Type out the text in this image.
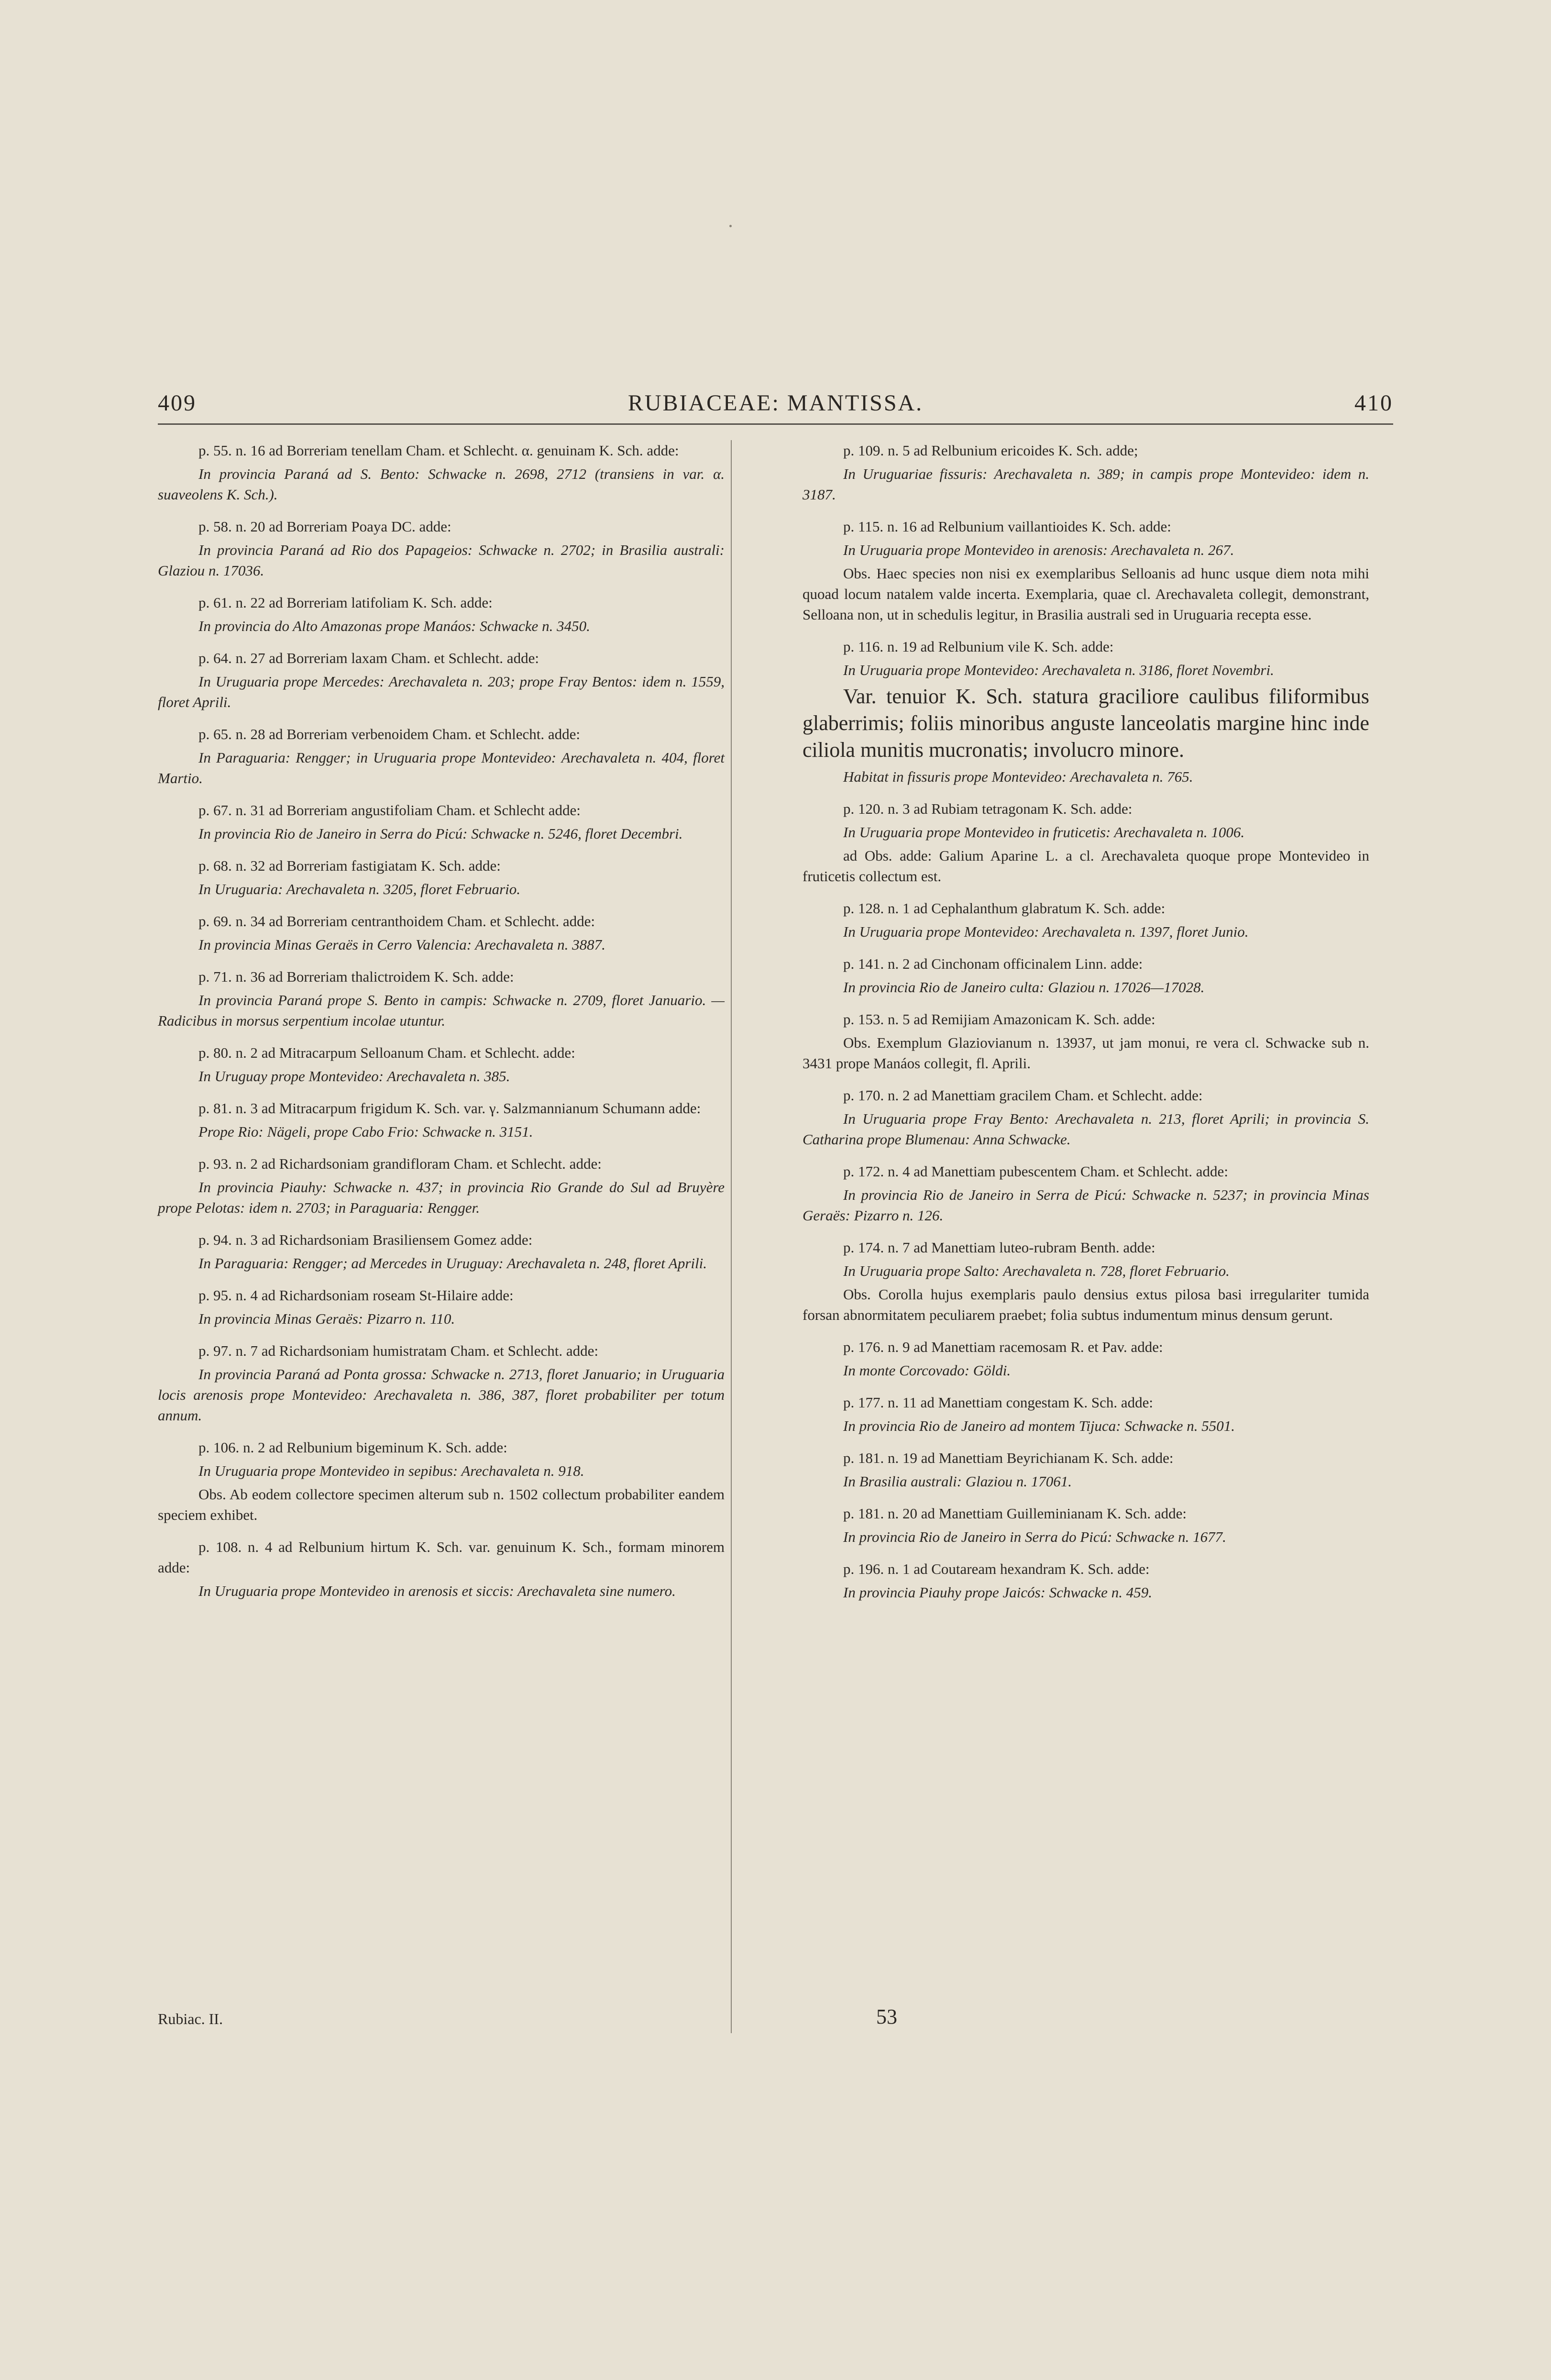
409	RUBIACEAE: MANTISSA.	410

p. 55. n. 16 ad Borreriam tenellam Cham. et Schlecht. α. genuinam K. Sch. adde:

In provincia Paraná ad S. Bento: Schwacke n. 2698, 2712 (transiens in var. α. suaveolens K. Sch.).

p. 58. n. 20 ad Borreriam Poaya DC. adde:

In provincia Paraná ad Rio dos Papageios: Schwacke n. 2702; in Brasilia australi: Glaziou n. 17036.

p. 61. n. 22 ad Borreriam latifoliam K. Sch. adde:

In provincia do Alto Amazonas prope Manáos: Schwacke n. 3450.

p. 64. n. 27 ad Borreriam laxam Cham. et Schlecht. adde:

In Uruguaria prope Mercedes: Arechavaleta n. 203; prope Fray Bentos: idem n. 1559, floret Aprili.

p. 65. n. 28 ad Borreriam verbenoidem Cham. et Schlecht. adde:

In Paraguaria: Rengger; in Uruguaria prope Montevideo: Arechavaleta n. 404, floret Martio.

p. 67. n. 31 ad Borreriam angustifoliam Cham. et Schlecht adde:

In provincia Rio de Janeiro in Serra do Picú: Schwacke n. 5246, floret Decembri.

p. 68. n. 32 ad Borreriam fastigiatam K. Sch. adde:

In Uruguaria: Arechavaleta n. 3205, floret Februario.

p. 69. n. 34 ad Borreriam centranthoidem Cham. et Schlecht. adde:

In provincia Minas Geraës in Cerro Valencia: Arechavaleta n. 3887.

p. 71. n. 36 ad Borreriam thalictroidem K. Sch. adde:

In provincia Paraná prope S. Bento in campis: Schwacke n. 2709, floret Januario. — Radicibus in morsus serpentium incolae utuntur.

p. 80. n. 2 ad Mitracarpum Selloanum Cham. et Schlecht. adde:

In Uruguay prope Montevideo: Arechavaleta n. 385.

p. 81. n. 3 ad Mitracarpum frigidum K. Sch. var. γ. Salzmannianum Schumann adde:

Prope Rio: Nägeli, prope Cabo Frio: Schwacke n. 3151.

p. 93. n. 2 ad Richardsoniam grandifloram Cham. et Schlecht. adde:

In provincia Piauhy: Schwacke n. 437; in provincia Rio Grande do Sul ad Bruyère prope Pelotas: idem n. 2703; in Paraguaria: Rengger.

p. 94. n. 3 ad Richardsoniam Brasiliensem Gomez adde:

In Paraguaria: Rengger; ad Mercedes in Uruguay: Arechavaleta n. 248, floret Aprili.

p. 95. n. 4 ad Richardsoniam roseam St-Hilaire adde:

In provincia Minas Geraës: Pizarro n. 110.

p. 97. n. 7 ad Richardsoniam humistratam Cham. et Schlecht. adde:

In provincia Paraná ad Ponta grossa: Schwacke n. 2713, floret Januario; in Uruguaria locis arenosis prope Montevideo: Arechavaleta n. 386, 387, floret probabiliter per totum annum.

p. 106. n. 2 ad Relbunium bigeminum K. Sch. adde:

In Uruguaria prope Montevideo in sepibus: Arechavaleta n. 918.

Obs. Ab eodem collectore specimen alterum sub n. 1502 collectum probabiliter eandem speciem exhibet.

p. 108. n. 4 ad Relbunium hirtum K. Sch. var. genuinum K. Sch., formam minorem adde:

In Uruguaria prope Montevideo in arenosis et siccis: Arechavaleta sine numero.

p. 109. n. 5 ad Relbunium ericoides K. Sch. adde;

In Uruguariae fissuris: Arechavaleta n. 389; in campis prope Montevideo: idem n. 3187.

p. 115. n. 16 ad Relbunium vaillantioides K. Sch. adde:

In Uruguaria prope Montevideo in arenosis: Arechavaleta n. 267.

Obs. Haec species non nisi ex exemplaribus Selloanis ad hunc usque diem nota mihi quoad locum natalem valde incerta. Exemplaria, quae cl. Arechavaleta collegit, demonstrant, Selloana non, ut in schedulis legitur, in Brasilia australi sed in Uruguaria recepta esse.

p. 116. n. 19 ad Relbunium vile K. Sch. adde:

In Uruguaria prope Montevideo: Arechavaleta n. 3186, floret Novembri.

Var. tenuior K. Sch. statura graciliore caulibus filiformibus glaberrimis; foliis minoribus anguste lanceolatis margine hinc inde ciliola munitis mucronatis; involucro minore.

Habitat in fissuris prope Montevideo: Arechavaleta n. 765.

p. 120. n. 3 ad Rubiam tetragonam K. Sch. adde:

In Uruguaria prope Montevideo in fruticetis: Arechavaleta n. 1006.

ad Obs. adde: Galium Aparine L. a cl. Arechavaleta quoque prope Montevideo in fruticetis collectum est.

p. 128. n. 1 ad Cephalanthum glabratum K. Sch. adde:

In Uruguaria prope Montevideo: Arechavaleta n. 1397, floret Junio.

p. 141. n. 2 ad Cinchonam officinalem Linn. adde:

In provincia Rio de Janeiro culta: Glaziou n. 17026—17028.

p. 153. n. 5 ad Remijiam Amazonicam K. Sch. adde:

Obs. Exemplum Glaziovianum n. 13937, ut jam monui, re vera cl. Schwacke sub n. 3431 prope Manáos collegit, fl. Aprili.

p. 170. n. 2 ad Manettiam gracilem Cham. et Schlecht. adde:

In Uruguaria prope Fray Bento: Arechavaleta n. 213, floret Aprili; in provincia S. Catharina prope Blumenau: Anna Schwacke.

p. 172. n. 4 ad Manettiam pubescentem Cham. et Schlecht. adde:

In provincia Rio de Janeiro in Serra de Picú: Schwacke n. 5237; in provincia Minas Geraës: Pizarro n. 126.

p. 174. n. 7 ad Manettiam luteo-rubram Benth. adde:

In Uruguaria prope Salto: Arechavaleta n. 728, floret Februario.

Obs. Corolla hujus exemplaris paulo densius extus pilosa basi irregulariter tumida forsan abnormitatem peculiarem praebet; folia subtus indumentum minus densum gerunt.

p. 176. n. 9 ad Manettiam racemosam R. et Pav. adde:

In monte Corcovado: Göldi.

p. 177. n. 11 ad Manettiam congestam K. Sch. adde:

In provincia Rio de Janeiro ad montem Tijuca: Schwacke n. 5501.

p. 181. n. 19 ad Manettiam Beyrichianam K. Sch. adde:

In Brasilia australi: Glaziou n. 17061.

p. 181. n. 20 ad Manettiam Guilleminianam K. Sch. adde:

In provincia Rio de Janeiro in Serra do Picú: Schwacke n. 1677.

p. 196. n. 1 ad Coutaream hexandram K. Sch. adde:

In provincia Piauhy prope Jaicós: Schwacke n. 459.

Rubiac. II.	53
